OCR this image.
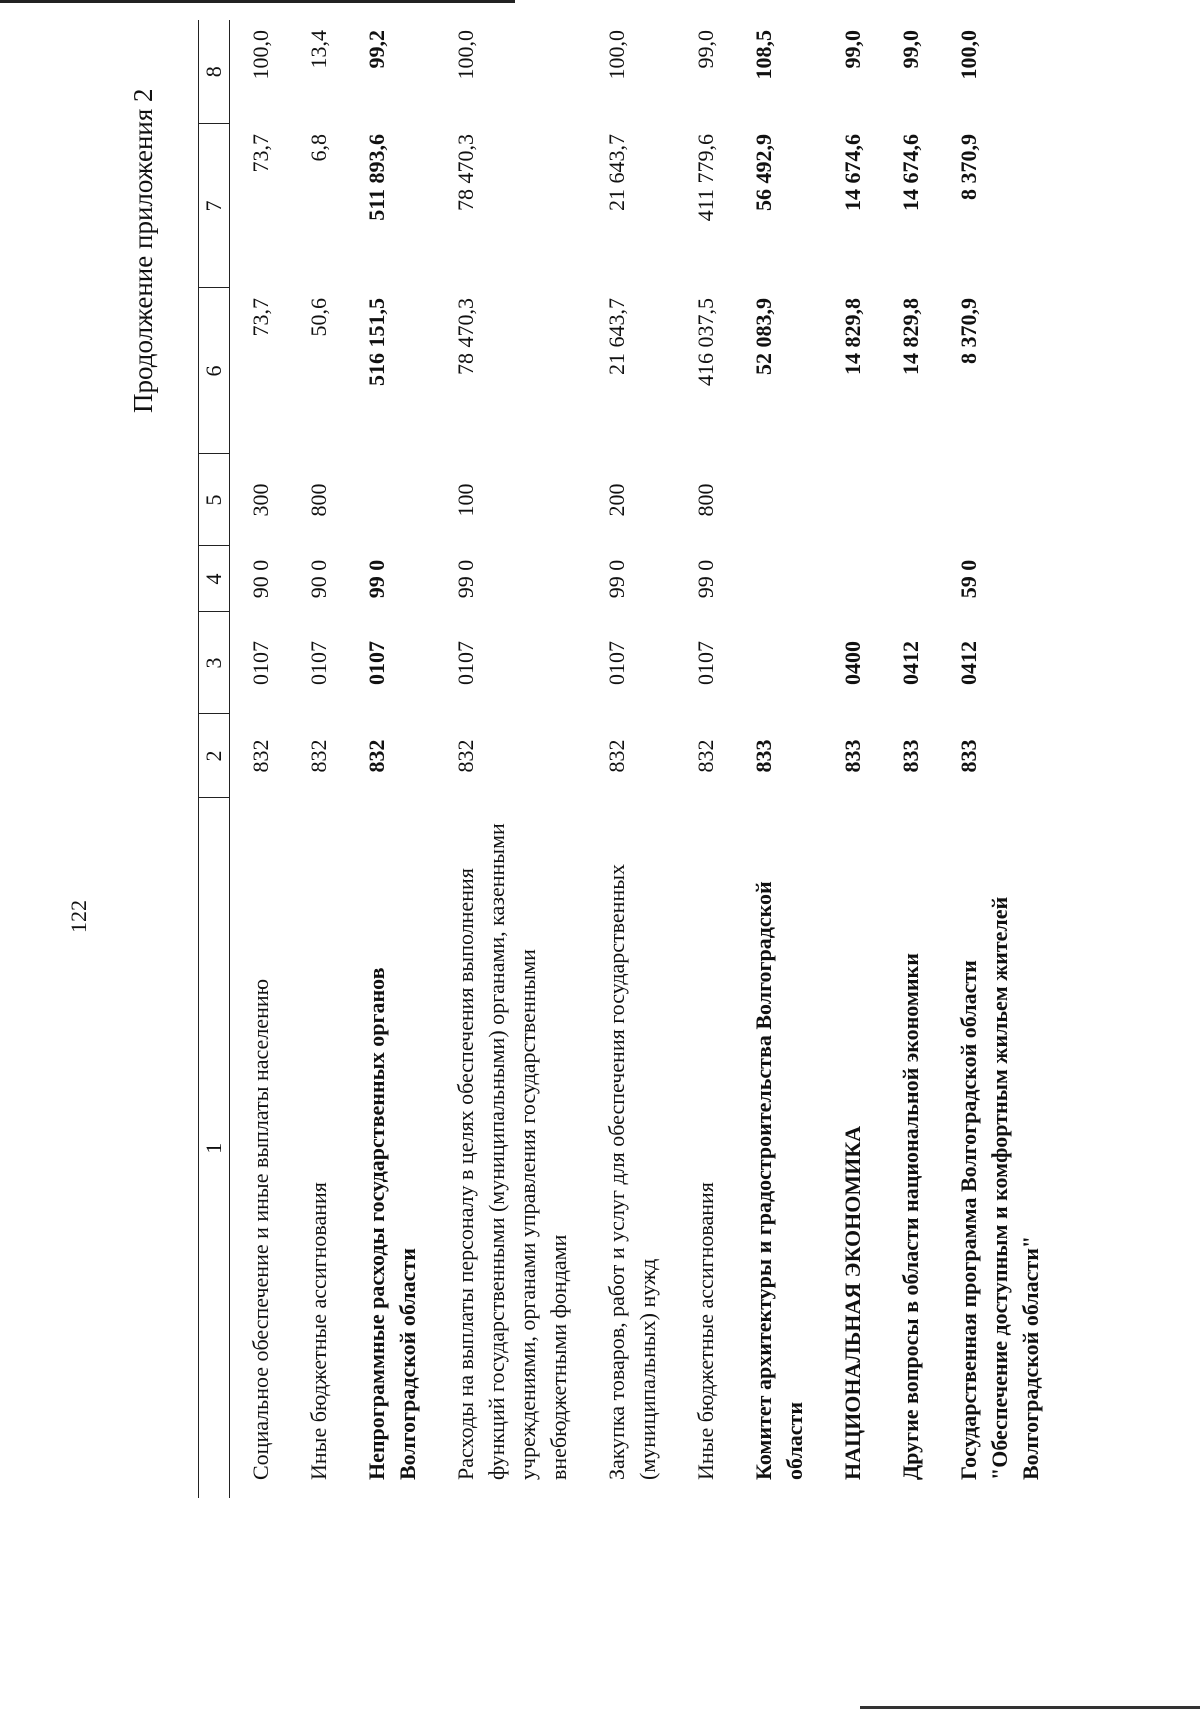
122
Продолжение приложения 2
1	2	3	4	5	6	7	8
Социальное обеспечение и иные выплаты населению	832	0107	90 0	300	73,7	73,7	100,0
Иные бюджетные ассигнования	832	0107	90 0	800	50,6	6,8	13,4
Непрограммные расходы государственных органов Волгоградской области	832	0107	99 0		516 151,5	511 893,6	99,2
Расходы на выплаты персоналу в целях обеспечения выполнения функций государственными (муниципальными) органами, казенными учреждениями, органами управления государственными внебюджетными фондами	832	0107	99 0	100	78 470,3	78 470,3	100,0
Закупка товаров, работ и услуг для обеспечения государственных (муниципальных) нужд	832	0107	99 0	200	21 643,7	21 643,7	100,0
Иные бюджетные ассигнования	832	0107	99 0	800	416 037,5	411 779,6	99,0
Комитет архитектуры и градостроительства Волгоградской области	833				52 083,9	56 492,9	108,5
НАЦИОНАЛЬНАЯ ЭКОНОМИКА	833	0400			14 829,8	14 674,6	99,0
Другие вопросы в области национальной экономики	833	0412			14 829,8	14 674,6	99,0
Государственная программа Волгоградской области "Обеспечение доступным и комфортным жильем жителей Волгоградской области"	833	0412	59 0		8 370,9	8 370,9	100,0
